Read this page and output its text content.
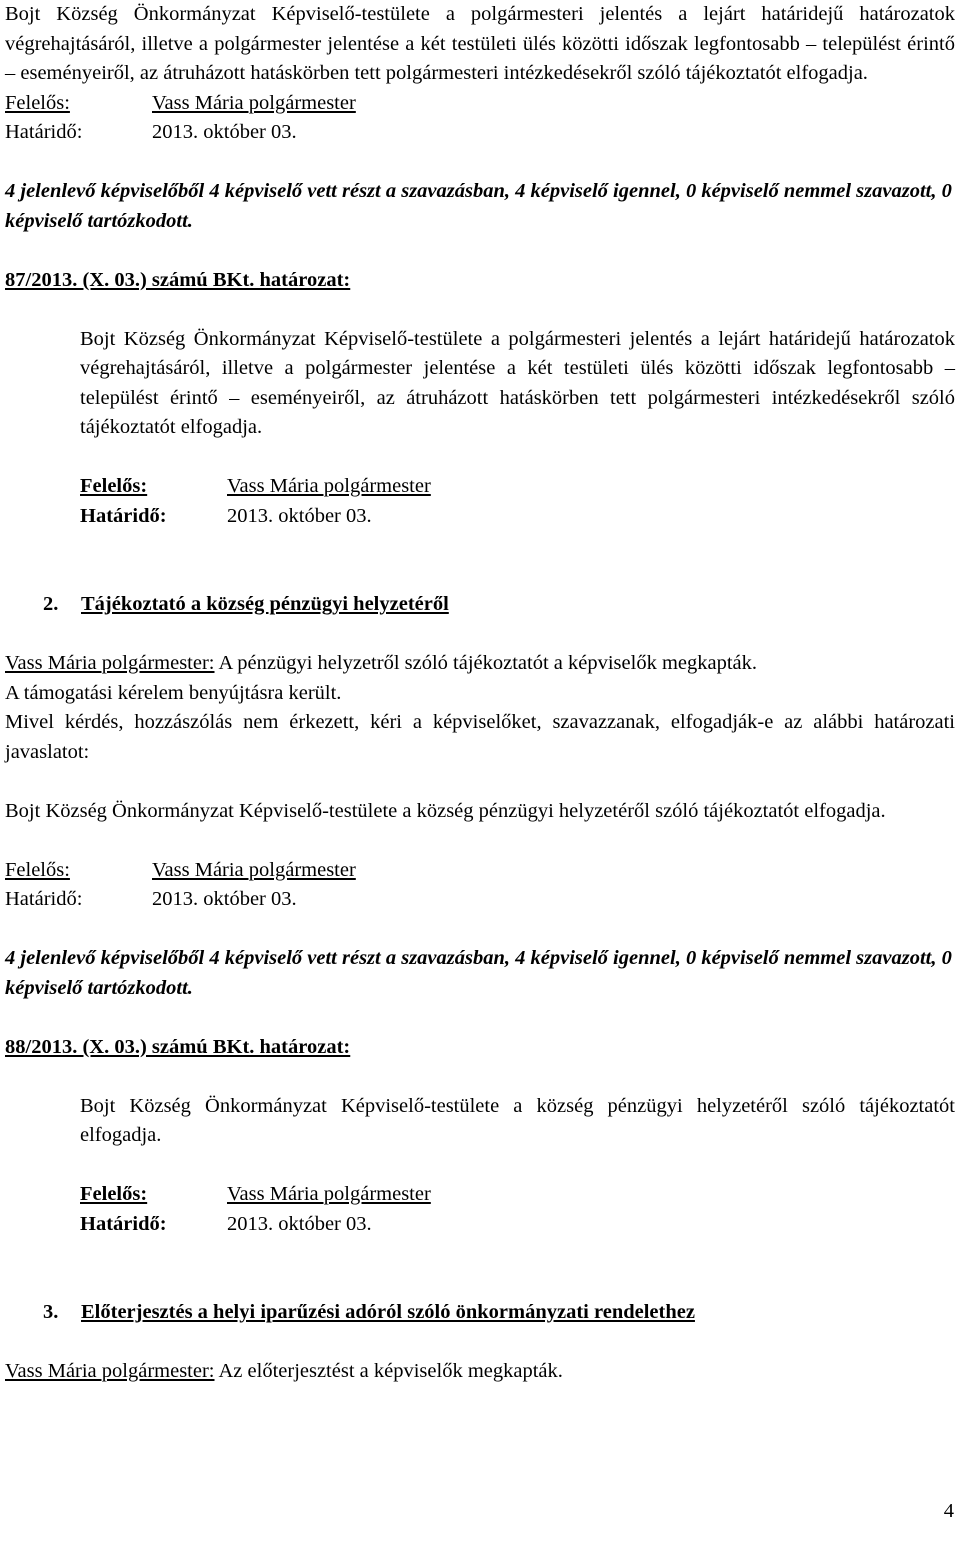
Bojt Község Önkormányzat Képviselő-testülete a polgármesteri jelentés a lejárt határidejű határozatok végrehajtásáról, illetve a polgármester jelentése a két testületi ülés közötti időszak legfontosabb – települést érintő – eseményeiről, az átruházott hatáskörben tett polgármesteri intézkedésekről szóló tájékoztatót elfogadja.

Felelős:	Vass Mária polgármester

Határidő:	2013. október 03.

4 jelenlevő képviselőből 4 képviselő vett részt a szavazásban, 4 képviselő igennel, 0 képviselő nemmel szavazott, 0 képviselő tartózkodott.

87/2013. (X. 03.) számú BKt. határozat:

Bojt Község Önkormányzat Képviselő-testülete a polgármesteri jelentés a lejárt határidejű határozatok végrehajtásáról, illetve a polgármester jelentése a két testületi ülés közötti időszak legfontosabb – települést érintő – eseményeiről, az átruházott hatáskörben tett polgármesteri intézkedésekről szóló tájékoztatót elfogadja.

Felelős:	Vass Mária polgármester

Határidő:	2013. október 03.

2. Tájékoztató a község pénzügyi helyzetéről

Vass Mária polgármester: A pénzügyi helyzetről szóló tájékoztatót a képviselők megkapták.

A támogatási kérelem benyújtásra került.

Mivel kérdés, hozzászólás nem érkezett, kéri a képviselőket, szavazzanak, elfogadják-e az alábbi határozati javaslatot:

Bojt Község Önkormányzat Képviselő-testülete a község pénzügyi helyzetéről szóló tájékoztatót elfogadja.

Felelős:	Vass Mária polgármester

Határidő:	2013. október 03.

4 jelenlevő képviselőből 4 képviselő vett részt a szavazásban, 4 képviselő igennel, 0 képviselő nemmel szavazott, 0 képviselő tartózkodott.

88/2013. (X. 03.) számú BKt. határozat:

Bojt Község Önkormányzat Képviselő-testülete a község pénzügyi helyzetéről szóló tájékoztatót elfogadja.

Felelős:	Vass Mária polgármester

Határidő:	2013. október 03.

3. Előterjesztés a helyi iparűzési adóról szóló önkormányzati rendelethez

Vass Mária polgármester: Az előterjesztést a képviselők megkapták.

4
